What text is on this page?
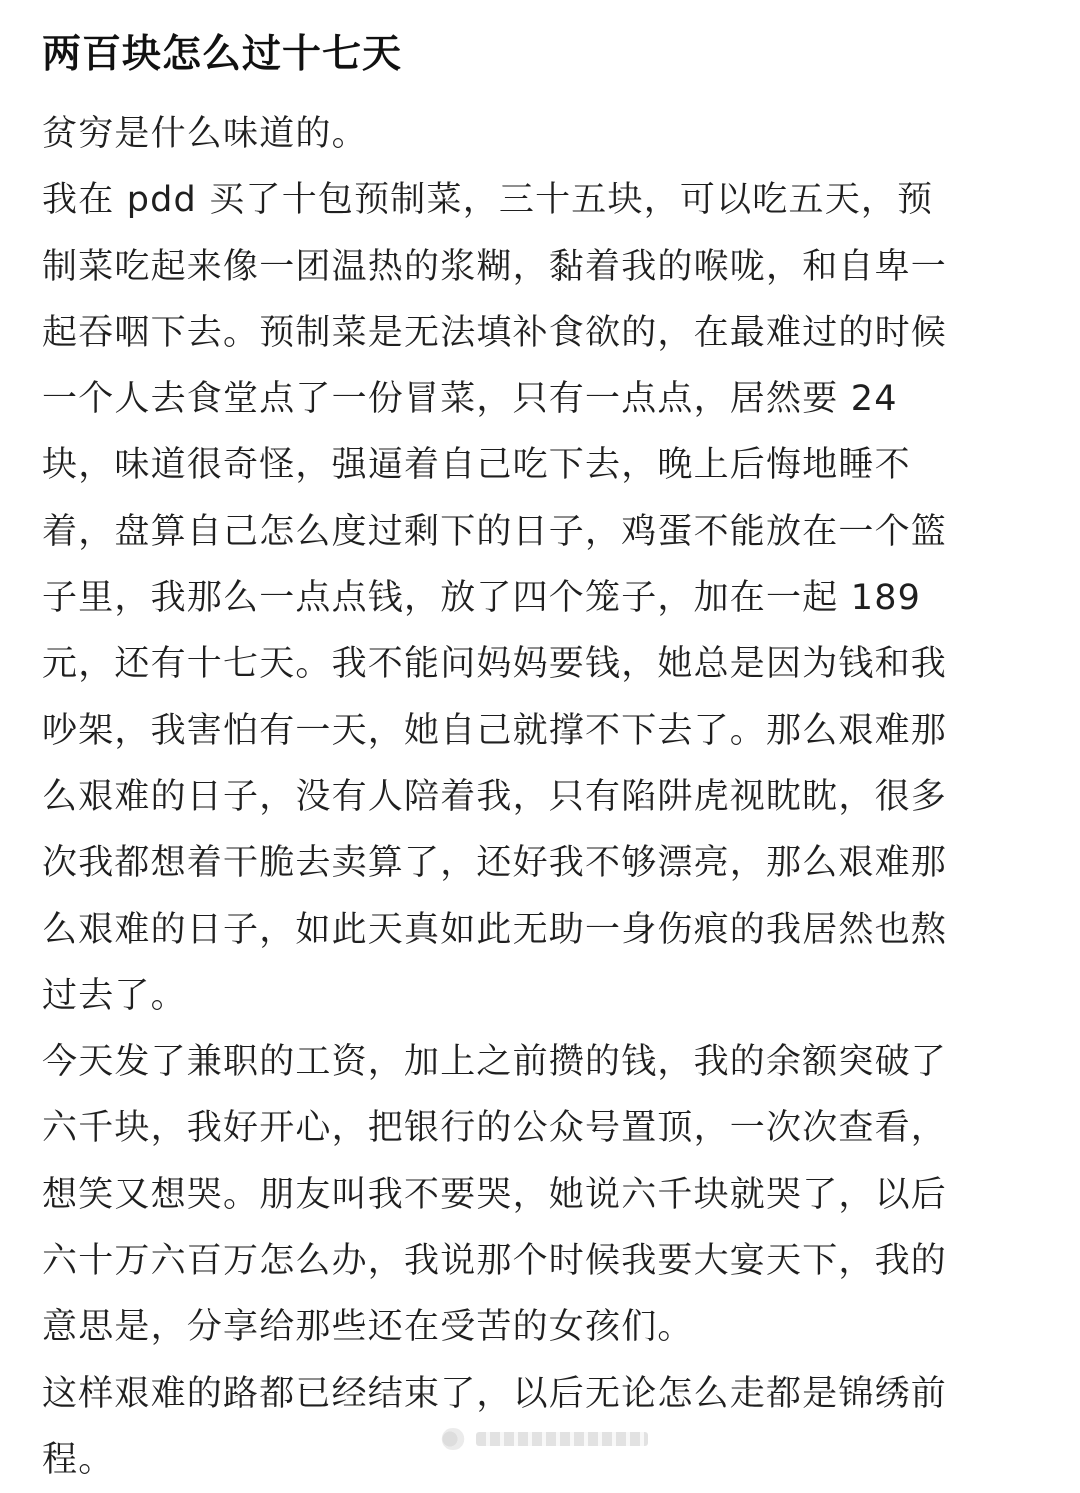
两百块怎么过十七天
贫穷是什么味道的。
我在 pdd 买了十包预制菜，三十五块，可以吃五天，预
制菜吃起来像一团温热的浆糊，黏着我的喉咙，和自卑一
起吞咽下去。预制菜是无法填补食欲的，在最难过的时候
一个人去食堂点了一份冒菜，只有一点点，居然要 24
块，味道很奇怪，强逼着自己吃下去，晚上后悔地睡不
着，盘算自己怎么度过剩下的日子，鸡蛋不能放在一个篮
子里，我那么一点点钱，放了四个笼子，加在一起 189
元，还有十七天。我不能问妈妈要钱，她总是因为钱和我
吵架，我害怕有一天，她自己就撑不下去了。那么艰难那
么艰难的日子，没有人陪着我，只有陷阱虎视眈眈，很多
次我都想着干脆去卖算了，还好我不够漂亮，那么艰难那
么艰难的日子，如此天真如此无助一身伤痕的我居然也熬
过去了。
今天发了兼职的工资，加上之前攒的钱，我的余额突破了
六千块，我好开心，把银行的公众号置顶，一次次查看，
想笑又想哭。朋友叫我不要哭，她说六千块就哭了，以后
六十万六百万怎么办，我说那个时候我要大宴天下，我的
意思是，分享给那些还在受苦的女孩们。
这样艰难的路都已经结束了，以后无论怎么走都是锦绣前
程。
